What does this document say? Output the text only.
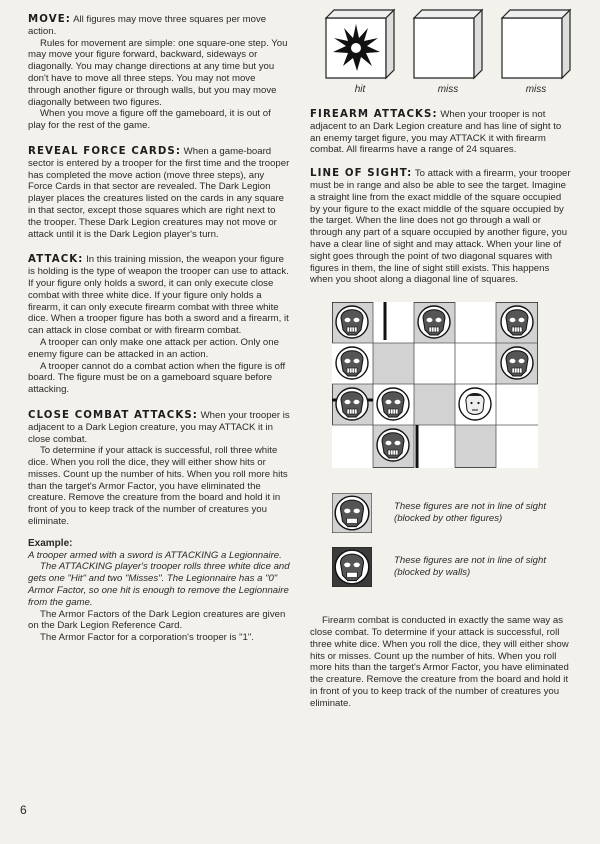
MOVE: All figures may move three squares per move action.

Rules for movement are simple: one square-one step. You may move your figure forward, backward, sideways or diagonally. You may change directions at any time but you don't have to move all three steps. You may not move through another figure or through walls, but you may move diagonally between two figures.

When you move a figure off the gameboard, it is out of play for the rest of the game.

REVEAL FORCE CARDS: When a game-board sector is entered by a trooper for the first time and the trooper has completed the move action (move three steps), any Force Cards in that sector are revealed. The Dark Legion player places the creatures listed on the cards in any square in that sector, except those squares which are right next to the trooper. These Dark Legion creatures may not move or attack until it is the Dark Legion player's turn.

ATTACK: In this training mission, the weapon your figure is holding is the type of weapon the trooper can use to attack. If your figure only holds a sword, it can only execute close combat with three white dice. If your figure only holds a firearm, it can only execute firearm combat with three white dice. When a trooper figure has both a sword and a firearm, it can attack in close combat or with firearm combat.

A trooper can only make one attack per action. Only one enemy figure can be attacked in an action.

A trooper cannot do a combat action when the figure is off board. The figure must be on a gameboard square before attacking.

CLOSE COMBAT ATTACKS: When your trooper is adjacent to a Dark Legion creature, you may ATTACK it in close combat.

To determine if your attack is successful, roll three white dice. When you roll the dice, they will either show hits or misses. Count up the number of hits. When you roll more hits than the target's Armor Factor, you have eliminated the creature. Remove the creature from the board and hold it in front of you to keep track of the number of creatures you eliminate.

Example:

A trooper armed with a sword is ATTACKING a Legionnaire.

The ATTACKING player's trooper rolls three white dice and gets one "Hit" and two "Misses". The Legionnaire has a "0" Armor Factor, so one hit is enough to remove the Legionnaire from the game.

The Armor Factors of the Dark Legion creatures are given on the Dark Legion Reference Card.

The Armor Factor for a corporation's trooper is "1".

6
hit	miss	miss

FIREARM ATTACKS: When your trooper is not adjacent to an Dark Legion creature and has line of sight to an enemy target figure, you may ATTACK it with firearm combat. All firearms have a range of 24 squares.

LINE OF SIGHT: To attack with a firearm, your trooper must be in range and also be able to see the target. Imagine a straight line from the exact middle of the square occupied by your figure to the exact middle of the square occupied by the target. When the line does not go through a wall or through any part of a square occupied by another figure, you have a clear line of sight and may attack. When your line of sight goes through the point of two diagonal squares with figures in them, the line of sight still exists. This happens when you shoot along a diagonal line of squares.

These figures are not in line of sight (blocked by other figures)
These figures are not in line of sight (blocked by walls)

Firearm combat is conducted in exactly the same way as close combat. To determine if your attack is successful, roll three white dice. When you roll the dice, they will either show hits or misses. Count up the number of hits. When you roll more hits than the target's Armor Factor, you have eliminated the creature. Remove the creature from the board and hold it in front of you to keep track of the number of creatures you eliminate.
